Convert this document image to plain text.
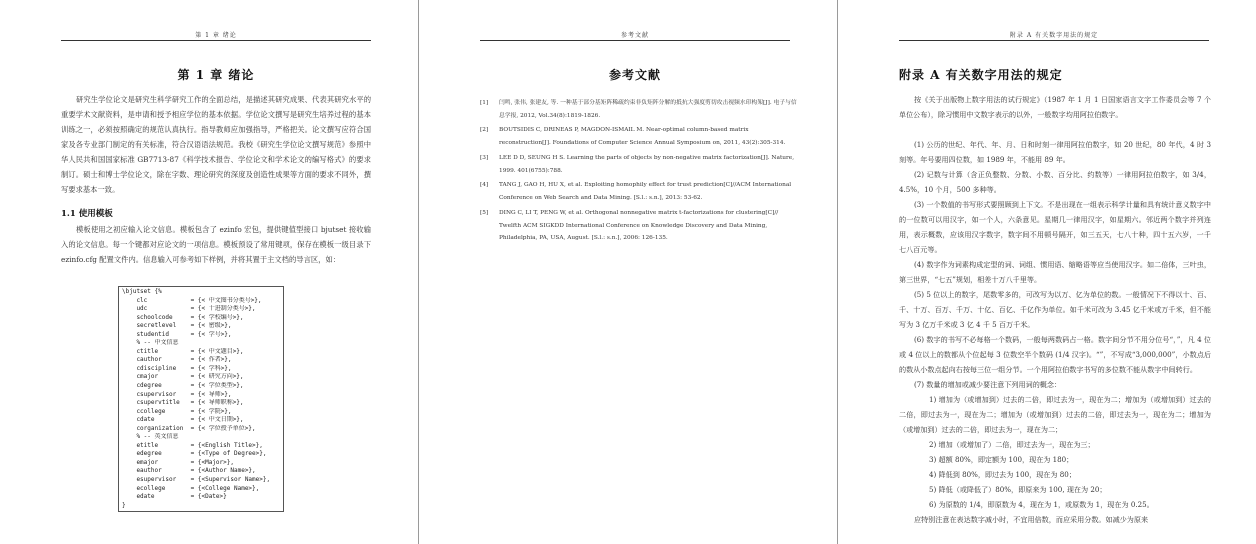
第 1 章 绪论
第 1 章 绪论

研究生学位论文是研究生科学研究工作的全面总结，是描述其研究成果、代表其研究水平的重要学术文献资料，是申请和授予相应学位的基本依据。学位论文撰写是研究生培养过程的基本训练之一，必须按照确定的规范认真执行。指导教师应加强指导，严格把关。论文撰写应符合国家及各专业部门制定的有关标准，符合汉语语法规范。我校《研究生学位论文撰写规范》参照中华人民共和国国家标准 GB7713-87《科学技术报告、学位论文和学术论文的编写格式》的要求制订。硕士和博士学位论文，除在字数、理论研究的深度及创造性成果等方面的要求不同外，撰写要求基本一致。

1.1 使用模板

模板使用之初应输入论文信息。模板包含了 ezinfo 宏包，提供键值型接口 bjutset 接收输入的论文信息。每一个键都对应论文的一项信息。模板预设了常用键项，保存在模板一级目录下 ezinfo.cfg 配置文件内。信息输入可参考如下样例，并将其置于主文档的导言区，如：

\bjutset {%
clc            = {< 中文图书分类号>},
udc            = {< 十进制分类号>},
schoolcode     = {< 学校编号>},
secretlevel    = {< 密级>},
studentid      = {< 学号>},
% -- 中文信息
ctitle         = {< 中文题目>},
cauthor        = {< 作者>},
cdiscipline    = {< 学科>},
cmajor         = {< 研究方向>},
cdegree        = {< 学位类型>},
csupervisor    = {< 导师>},
csupervtitle   = {< 导师职称>},
ccollege       = {< 学院>},
cdate          = {< 中文日期>},
corganization  = {< 学位授予单位>},
% -- 英文信息
etitle         = {<English Title>},
edegree        = {<Type of Degree>},
emajor         = {<Major>},
eauthor        = {<Author Name>},
esupervisor    = {<Supervisor Name>},
ecollege       = {<College Name>},
edate          = {<Date>}
}
参考文献
参考文献
[1] 闫鸣, 张伟, 张建友, 等. 一种基于部分基矩阵稀疏约束非负矩阵分解的抵抗大强度剪切攻击视频水印构架[J]. 电子与信息学报, 2012, Vol.34(8):1819-1826.
[2] BOUTSIDIS C, DRINEAS P, MAGDON-ISMAIL M. Near-optimal column-based matrix reconstruction[J]. Foundations of Computer Science Annual Symposium on, 2011, 43(2):305-314.
[3] LEE D D, SEUNG H S. Learning the parts of objects by non-negative matrix factorization[J]. Nature, 1999. 401(6755):788.
[4] TANG J, GAO H, HU X, et al. Exploiting homophily effect for trust prediction[C]//ACM International Conference on Web Search and Data Mining. [S.l.: s.n.], 2013: 53-62.
[5] DING C, LI T, PENG W, et al. Orthogonal nonnegative matrix t-factorizations for clustering[C]// Twelfth ACM SIGKDD International Conference on Knowledge Discovery and Data Mining, Philadelphia, PA, USA, August. [S.l.: s.n.], 2006: 126-135.
附录 A 有关数字用法的规定
附录 A 有关数字用法的规定

按《关于出版物上数字用法的试行规定》（1987 年 1 月 1 日国家语言文字工作委员会等 7 个单位公布），除习惯用中文数字表示的以外，一般数字均用阿拉伯数字。

(1) 公历的世纪、年代、年、月、日和时刻一律用阿拉伯数字，如 20 世纪，80 年代，4 时 3 刻等。年号要用四位数，如 1989 年，不能用 89 年。

(2) 记数与计算（含正负整数、分数、小数、百分比、约数等）一律用阿拉伯数字，如 3/4，4.5%，10 个月，500 多种等。

(3) 一个数值的书写形式要照顾到上下文。不是出现在一组表示科学计量和具有统计意义数字中的一位数可以用汉字，如一个人，六条意见。星期几一律用汉字，如星期六。邻近两个数字并列连用，表示概数，应该用汉字数字，数字间不用顿号隔开，如三五天，七八十种，四十五六岁，一千七八百元等。

(4) 数字作为词素构成定型的词、词组、惯用语、缩略语等应当使用汉字。如二倍体，三叶虫，第三世界，“七五”规划，相差十万八千里等。

(5) 5 位以上的数字，尾数零多的，可改写为以万、亿为单位的数。一般情况下不得以十、百、千、十万、百万、千万、十亿、百亿、千亿作为单位。如千米可改为 3.45 亿千米或万千米，但不能写为 3 亿万千米或 3 亿 4 千 5 百万千米。

(6) 数字的书写不必每格一个数码，一般每两数码占一格。数字间分节不用分位号“，”，凡 4 位或 4 位以上的数都从个位起每 3 位数空半个数码 (1/4 汉字)。“”，不写成“3,000,000”，小数点后的数从小数点起向右按每三位一组分节。一个用阿拉伯数字书写的多位数不能从数字中间转行。

(7) 数量的增加或减少要注意下列用词的概念：

1) 增加为（或增加到）过去的二倍，即过去为一，现在为二；增加为（或增加到）过去的二倍，即过去为一，现在为二；增加为（或增加到）过去的二倍，即过去为一，现在为二；增加为（或增加到）过去的二倍，即过去为一，现在为二；

2) 增加（或增加了）二倍，即过去为一，现在为三；

3) 超额 80%，即定额为 100，现在为 180；

4) 降低到 80%，即过去为 100，现在为 80；

5) 降低（或降低了）80%，即原来为 100, 现在为 20；

6) 为原数的 1/4，即原数为 4，现在为 1，或原数为 1，现在为 0.25。

应特别注意在表达数字减小时，不宜用倍数，而应采用分数。如减少为原来
